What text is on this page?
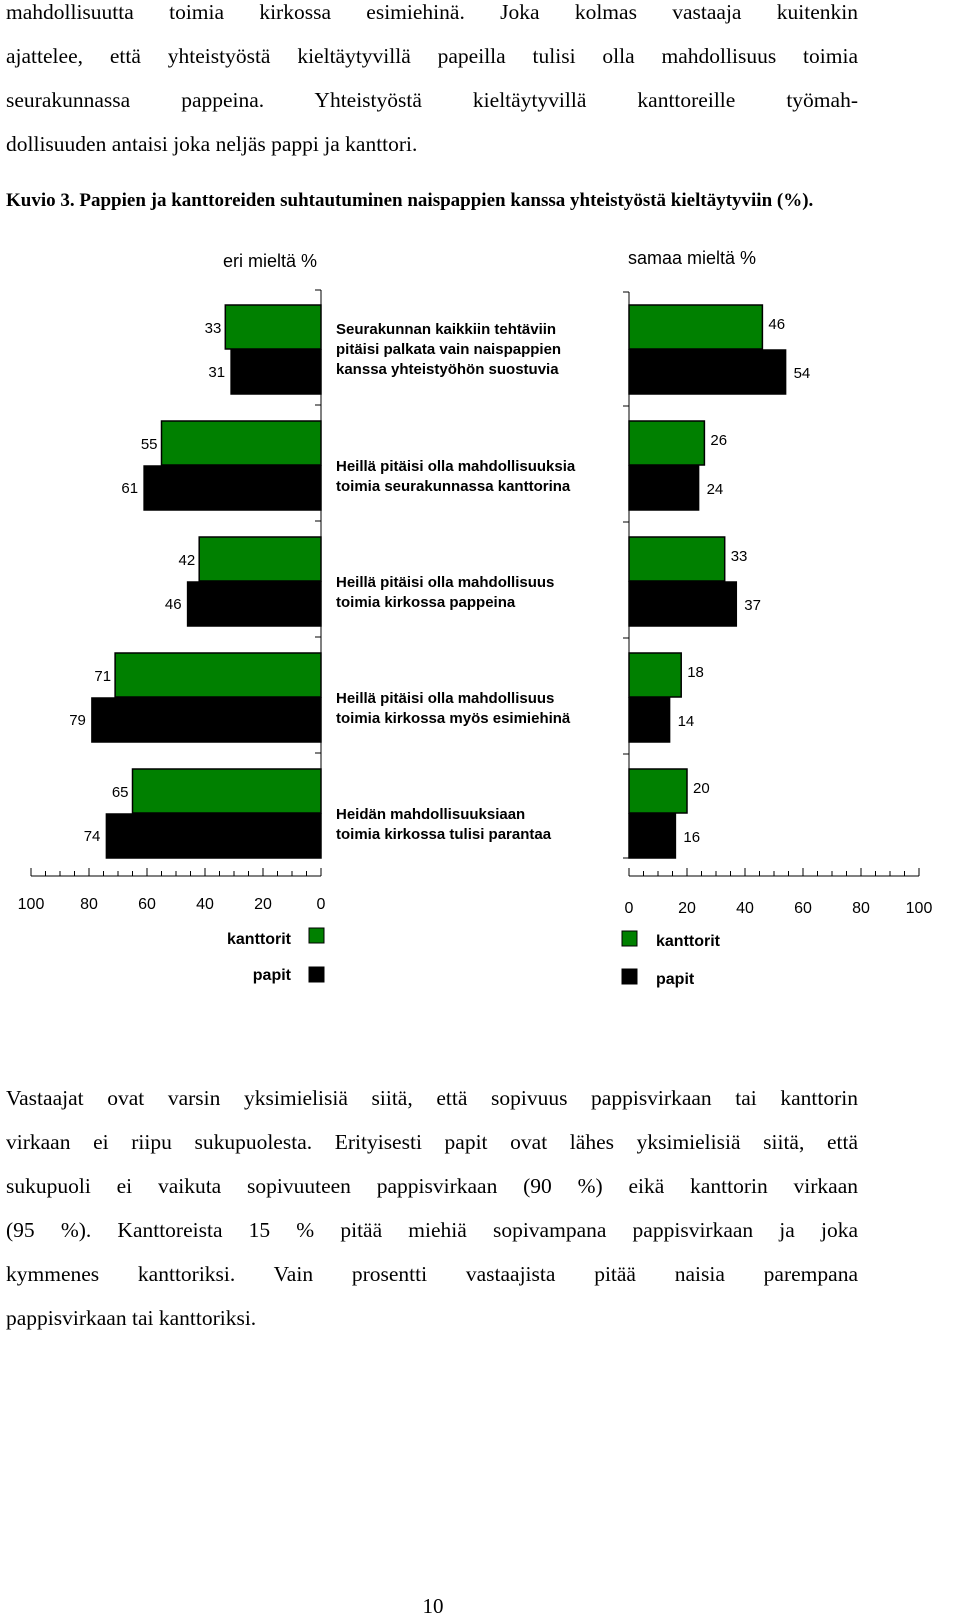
mahdollisuutta toimia kirkossa esimiehinä. Joka kolmas vastaaja kuitenkin

ajattelee, että yhteistyöstä kieltäytyvillä papeilla tulisi olla mahdollisuus toimia

seurakunnassa pappeina. Yhteistyöstä kieltäytyvillä kanttoreille työmah-

dollisuuden antaisi joka neljäs pappi ja kanttori.

Kuvio 3. Pappien ja kanttoreiden suhtautuminen naispappien kanssa yhteistyöstä kieltäytyviin (%).

eri mieltä %	samaa mieltä %
33
31
46
54
Seurakunnan kaikkiin tehtäviin
pitäisi palkata vain naispappien
kanssa yhteistyöhön suostuvia
55
61
26
24
Heillä pitäisi olla mahdollisuuksia
toimia seurakunnassa kanttorina
42
46
33
37
Heillä pitäisi olla mahdollisuus
toimia kirkossa pappeina
71
79
18
14
Heillä pitäisi olla mahdollisuus
toimia kirkossa myös esimiehinä
65
74
20
16
Heidän mahdollisuuksiaan
toimia kirkossa tulisi parantaa
100 80	60	40	20	0	0	20	40	60	80 100
kanttorit
papit
kanttorit
papit

Vastaajat ovat varsin yksimielisiä siitä, että sopivuus pappisvirkaan tai kanttorin

virkaan ei riipu sukupuolesta. Erityisesti papit ovat lähes yksimielisiä siitä, että

sukupuoli ei vaikuta sopivuuteen pappisvirkaan (90 %) eikä kanttorin virkaan

(95 %). Kanttoreista 15 % pitää miehiä sopivampana pappisvirkaan ja joka

kymmenes kanttoriksi. Vain prosentti vastaajista pitää naisia parempana

pappisvirkaan tai kanttoriksi.

10
